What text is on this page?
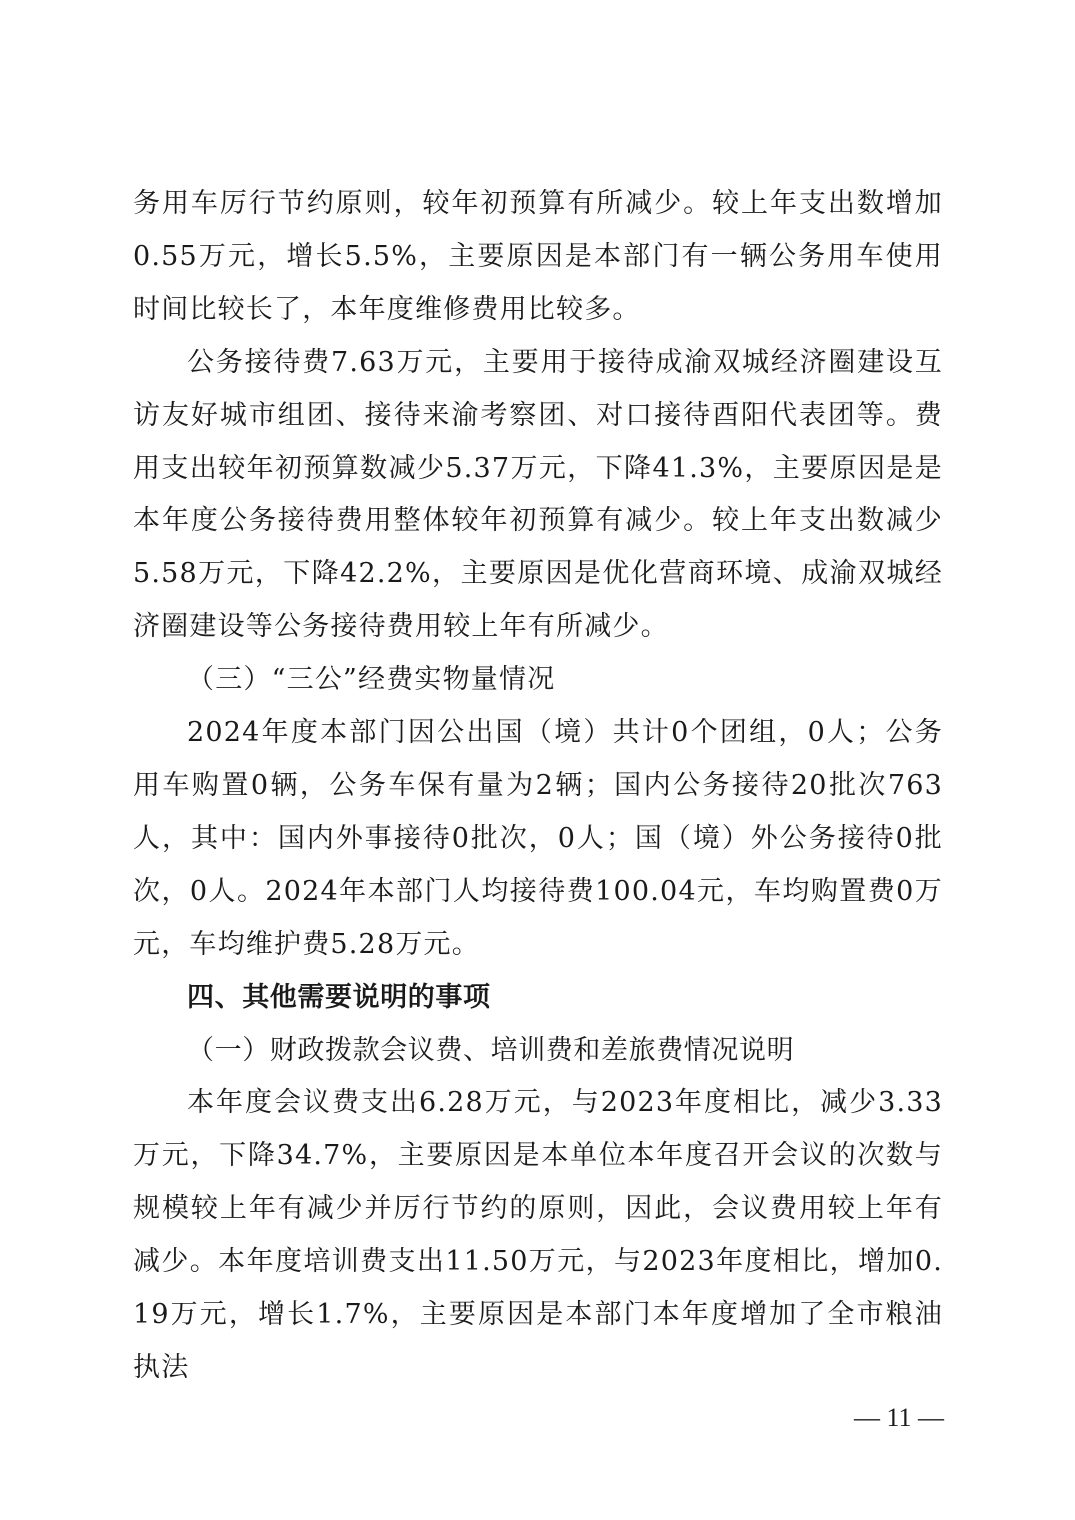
务用车厉行节约原则，较年初预算有所减少。较上年支出数增加0.55万元，增长5.5%，主要原因是本部门有一辆公务用车使用时间比较长了，本年度维修费用比较多。

公务接待费7.63万元，主要用于接待成渝双城经济圈建设互访友好城市组团、接待来渝考察团、对口接待酉阳代表团等。费用支出较年初预算数减少5.37万元，下降41.3%，主要原因是是本年度公务接待费用整体较年初预算有减少。较上年支出数减少5.58万元，下降42.2%，主要原因是优化营商环境、成渝双城经济圈建设等公务接待费用较上年有所减少。

（三）“三公”经费实物量情况

2024年度本部门因公出国（境）共计0个团组，0人；公务用车购置0辆，公务车保有量为2辆；国内公务接待20批次763人，其中：国内外事接待0批次，0人；国（境）外公务接待0批次，0人。2024年本部门人均接待费100.04元，车均购置费0万元，车均维护费5.28万元。

四、其他需要说明的事项

（一）财政拨款会议费、培训费和差旅费情况说明

本年度会议费支出6.28万元，与2023年度相比，减少3.33万元，下降34.7%，主要原因是本单位本年度召开会议的次数与规模较上年有减少并厉行节约的原则，因此，会议费用较上年有减少。本年度培训费支出11.50万元，与2023年度相比，增加0.19万元，增长1.7%，主要原因是本部门本年度增加了全市粮油执法

— 11 —
